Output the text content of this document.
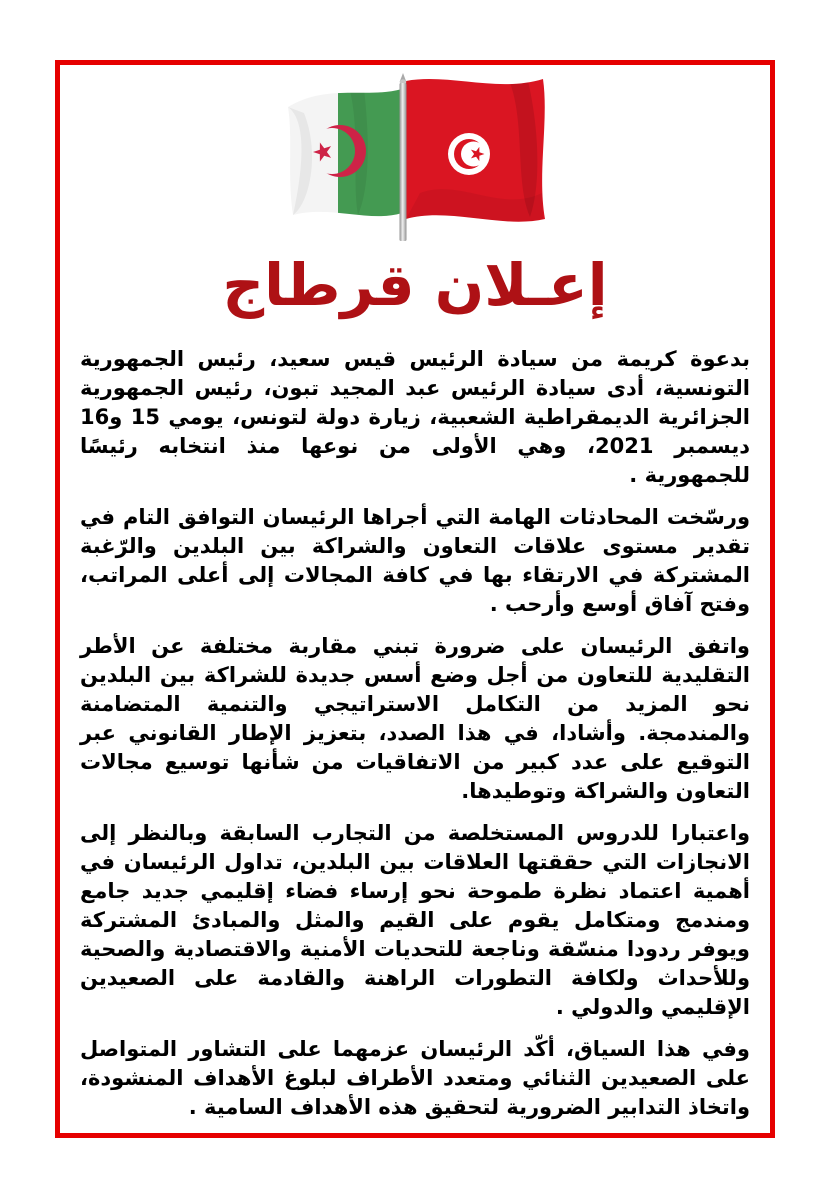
إعـلان قرطاج

بدعوة كريمة من سيادة الرئيس قيس سعيد، رئيس الجمهورية التونسية، أدى سيادة الرئيس عبد المجيد تبون، رئيس الجمهورية الجزائرية الديمقراطية الشعبية، زيارة دولة لتونس، يومي 15 و16 ديسمبر 2021، وهي الأولى من نوعها منذ انتخابه رئيسًا للجمهورية .

ورسّخت المحادثات الهامة التي أجراها الرئيسان التوافق التام في تقدير مستوى علاقات التعاون والشراكة بين البلدين والرّغبة المشتركة في الارتقاء بها في كافة المجالات إلى أعلى المراتب، وفتح آفاق أوسع وأرحب .

واتفق الرئيسان على ضرورة تبني مقاربة مختلفة عن الأطر التقليدية للتعاون من أجل وضع أسس جديدة للشراكة بين البلدين نحو المزيد من التكامل الاستراتيجي والتنمية المتضامنة والمندمجة. وأشادا، في هذا الصدد، بتعزيز الإطار القانوني عبر التوقيع على عدد كبير من الاتفاقيات من شأنها توسيع مجالات التعاون والشراكة وتوطيدها.

واعتبارا للدروس المستخلصة من التجارب السابقة وبالنظر إلى الانجازات التي حققتها العلاقات بين البلدين، تداول الرئيسان في أهمية اعتماد نظرة طموحة نحو إرساء فضاء إقليمي جديد جامع ومندمج ومتكامل يقوم على القيم والمثل والمبادئ المشتركة ويوفر ردودا منسّقة وناجعة للتحديات الأمنية والاقتصادية والصحية وللأحداث ولكافة التطورات الراهنة والقادمة على الصعيدين الإقليمي والدولي .

وفي هذا السياق، أكّد الرئيسان عزمهما على التشاور المتواصل على الصعيدين الثنائي ومتعدد الأطراف لبلوغ الأهداف المنشودة، واتخاذ التدابير الضرورية لتحقيق هذه الأهداف السامية .
